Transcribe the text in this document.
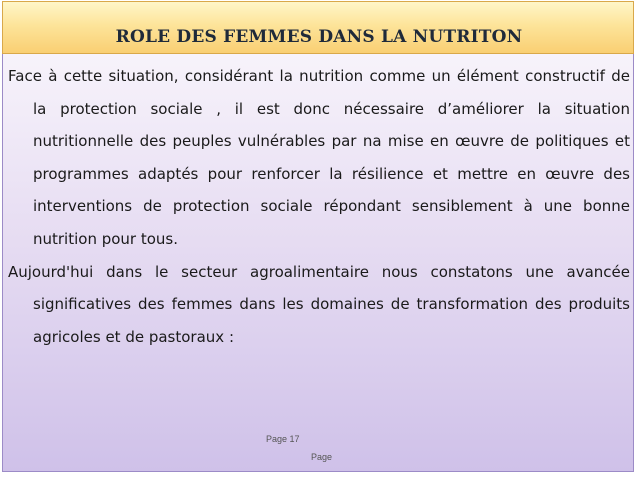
ROLE DES FEMMES DANS LA NUTRITON

Face à cette situation, considérant la nutrition comme un élément constructif de la protection sociale , il est donc nécessaire d’améliorer la situation nutritionnelle des peuples vulnérables par na mise en œuvre de politiques et programmes adaptés pour renforcer la résilience et mettre en œuvre des interventions de protection sociale répondant sensiblement à une bonne nutrition pour tous.

Aujourd'hui dans le secteur agroalimentaire nous constatons une avancée significatives des femmes dans les domaines de transformation des produits agricoles et de pastoraux :

Page 17
Page
